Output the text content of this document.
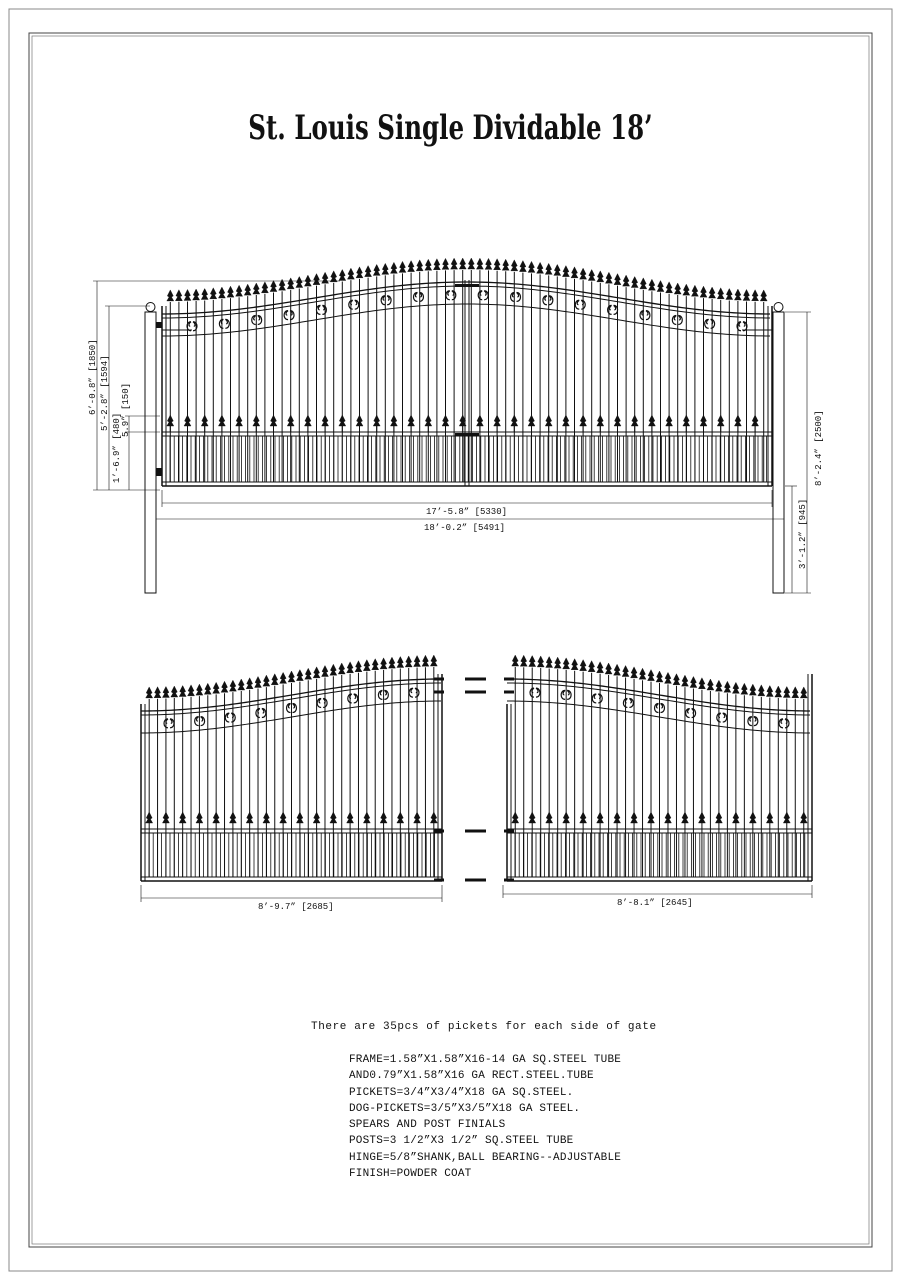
St. Louis Single Dividable 18’
6’-0.8” [1850] 5’-2.8” [1594] 5.9” [150]
1’-6.9” [480]	8’-2.4” [2500]
3’-1.2” [945]
17’-5.8” [5330]
18’-0.2” [5491]
8’-9.7” [2685]	8’-8.1” [2645]
There are 35pcs of pickets for each side of gate
FRAME=1.58”X1.58”X16-14 GA SQ.STEEL TUBE
AND0.79”X1.58”X16 GA RECT.STEEL.TUBE
PICKETS=3/4”X3/4”X18 GA SQ.STEEL.
DOG-PICKETS=3/5”X3/5”X18 GA STEEL.
SPEARS AND POST FINIALS
POSTS=3 1/2”X3 1/2” SQ.STEEL TUBE
HINGE=5/8”SHANK,BALL BEARING--ADJUSTABLE
FINISH=POWDER COAT
